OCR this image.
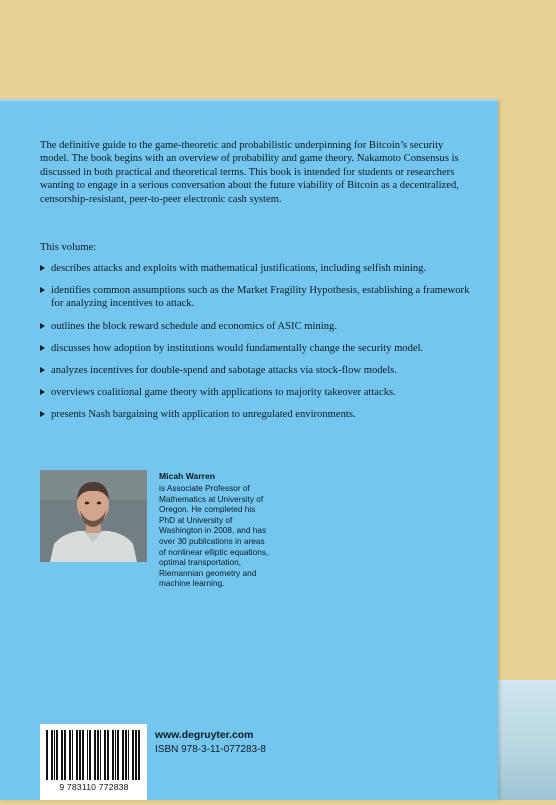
The definitive guide to the game-theoretic and probabilistic underpinning for Bitcoin’s security model. The book begins with an overview of probability and game theory. Nakamoto Consensus is discussed in both practical and theoretical terms. This book is intended for students or researchers wanting to engage in a serious conversation about the future viability of Bitcoin as a decentralized, censorship-resistant, peer-to-peer electronic cash system.
This volume:
describes attacks and exploits with mathematical justifications, including selfish mining.
identifies common assumptions such as the Market Fragility Hypothesis, establishing a framework for analyzing incentives to attack.
outlines the block reward schedule and economics of ASIC mining.
discusses how adoption by institutions would fundamentally change the security model.
analyzes incentives for double-spend and sabotage attacks via stock-flow models.
overviews coalitional game theory with applications to majority takeover attacks.
presents Nash bargaining with application to unregulated environments.
Micah Warren
is Associate Professor of Mathematics at University of Oregon. He completed his PhD at University of Washington in 2008, and has over 30 publications in areas of nonlinear elliptic equations, optimal transportation, Riemannian geometry and machine learning.
9 783110 772838
www.degruyter.com
ISBN 978-3-11-077283-8
